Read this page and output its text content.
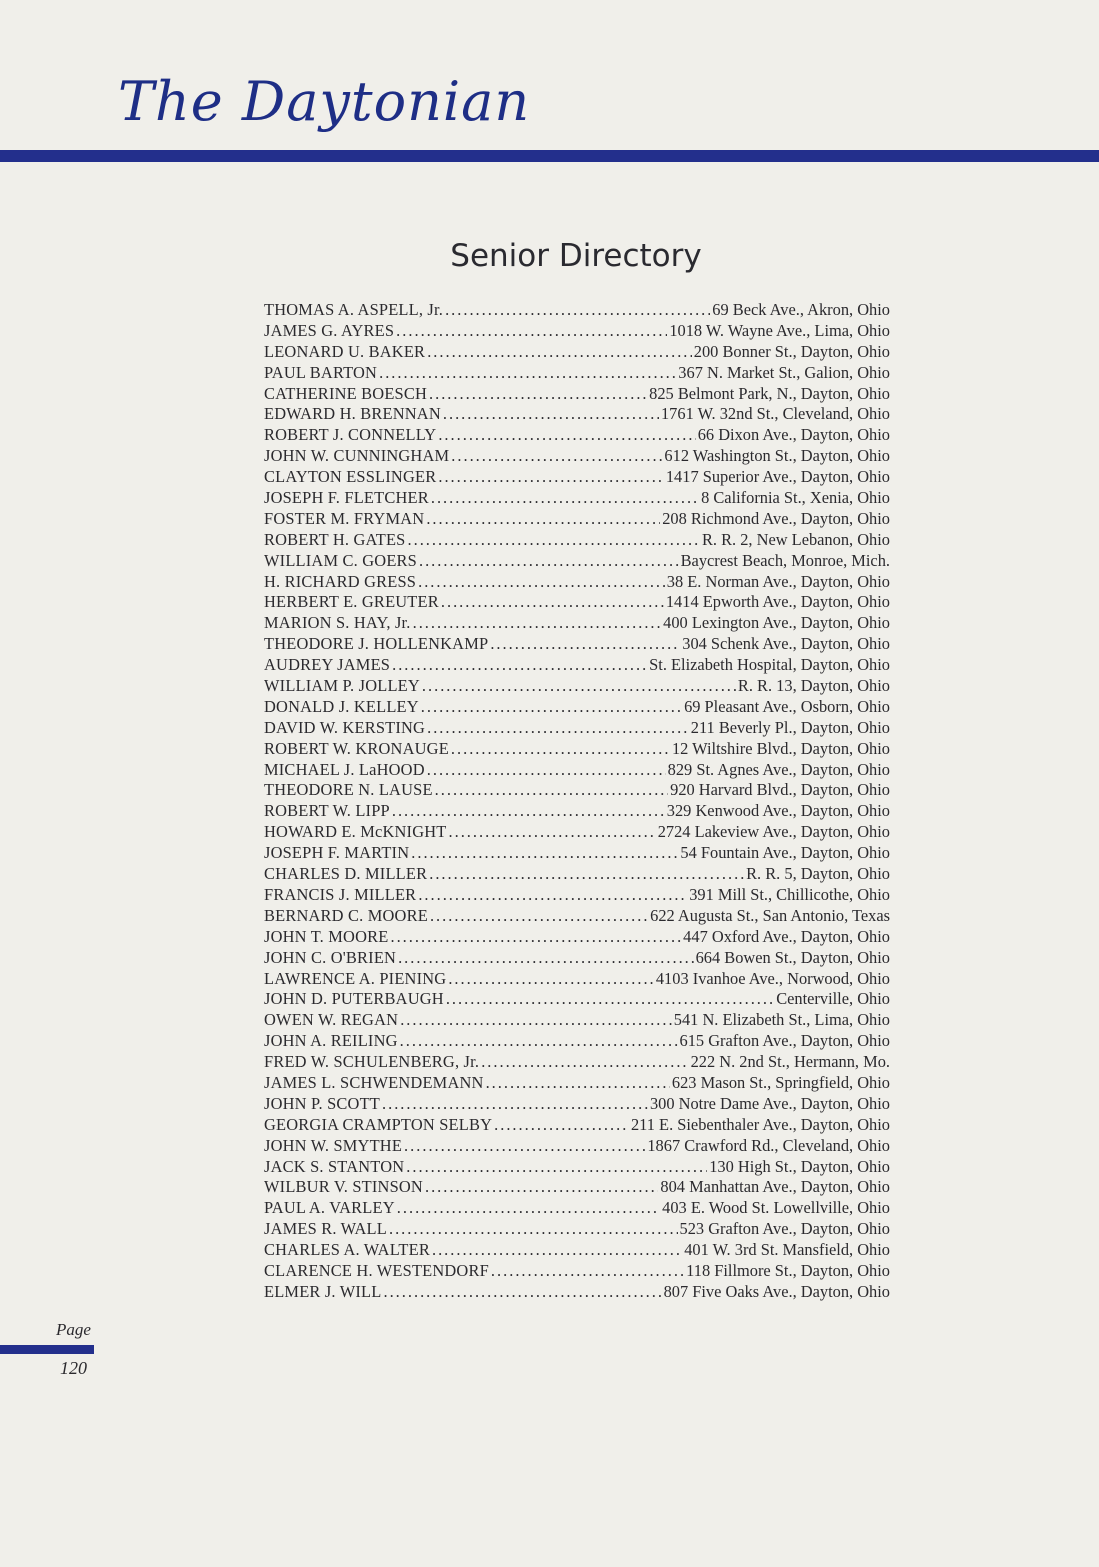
The Daytonian
Senior Directory
THOMAS A. ASPELL, Jr. .....	69 Beck Ave., Akron, Ohio
JAMES G. AYRES .....	1018 W. Wayne Ave., Lima, Ohio
LEONARD U. BAKER .....	200 Bonner St., Dayton, Ohio
PAUL BARTON .....	367 N. Market St., Galion, Ohio
CATHERINE BOESCH .....	825 Belmont Park, N., Dayton, Ohio
EDWARD H. BRENNAN .....	1761 W. 32nd St., Cleveland, Ohio
ROBERT J. CONNELLY .....	66 Dixon Ave., Dayton, Ohio
JOHN W. CUNNINGHAM .....	612 Washington St., Dayton, Ohio
CLAYTON ESSLINGER .....	1417 Superior Ave., Dayton, Ohio
JOSEPH F. FLETCHER .....	8 California St., Xenia, Ohio
FOSTER M. FRYMAN .....	208 Richmond Ave., Dayton, Ohio
ROBERT H. GATES .....	R. R. 2, New Lebanon, Ohio
WILLIAM C. GOERS .....	Baycrest Beach, Monroe, Mich.
H. RICHARD GRESS .....	38 E. Norman Ave., Dayton, Ohio
HERBERT E. GREUTER .....	1414 Epworth Ave., Dayton, Ohio
MARION S. HAY, Jr. .....	400 Lexington Ave., Dayton, Ohio
THEODORE J. HOLLENKAMP .....	304 Schenk Ave., Dayton, Ohio
AUDREY JAMES .....	St. Elizabeth Hospital, Dayton, Ohio
WILLIAM P. JOLLEY .....	R. R. 13, Dayton, Ohio
DONALD J. KELLEY .....	69 Pleasant Ave., Osborn, Ohio
DAVID W. KERSTING .....	211 Beverly Pl., Dayton, Ohio
ROBERT W. KRONAUGE .....	12 Wiltshire Blvd., Dayton, Ohio
MICHAEL J. LaHOOD .....	829 St. Agnes Ave., Dayton, Ohio
THEODORE N. LAUSE .....	920 Harvard Blvd., Dayton, Ohio
ROBERT W. LIPP .....	329 Kenwood Ave., Dayton, Ohio
HOWARD E. McKNIGHT .....	2724 Lakeview Ave., Dayton, Ohio
JOSEPH F. MARTIN .....	54 Fountain Ave., Dayton, Ohio
CHARLES D. MILLER .....	R. R. 5, Dayton, Ohio
FRANCIS J. MILLER .....	391 Mill St., Chillicothe, Ohio
BERNARD C. MOORE .....	622 Augusta St., San Antonio, Texas
JOHN T. MOORE .....	447 Oxford Ave., Dayton, Ohio
JOHN C. O'BRIEN .....	664 Bowen St., Dayton, Ohio
LAWRENCE A. PIENING .....	4103 Ivanhoe Ave., Norwood, Ohio
JOHN D. PUTERBAUGH .....	Centerville, Ohio
OWEN W. REGAN .....	541 N. Elizabeth St., Lima, Ohio
JOHN A. REILING .....	615 Grafton Ave., Dayton, Ohio
FRED W. SCHULENBERG, Jr. .....	222 N. 2nd St., Hermann, Mo.
JAMES L. SCHWENDEMANN .....	623 Mason St., Springfield, Ohio
JOHN P. SCOTT .....	300 Notre Dame Ave., Dayton, Ohio
GEORGIA CRAMPTON SELBY .....	211 E. Siebenthaler Ave., Dayton, Ohio
JOHN W. SMYTHE .....	1867 Crawford Rd., Cleveland, Ohio
JACK S. STANTON .....	130 High St., Dayton, Ohio
WILBUR V. STINSON .....	804 Manhattan Ave., Dayton, Ohio
PAUL A. VARLEY .....	403 E. Wood St. Lowellville, Ohio
JAMES R. WALL .....	523 Grafton Ave., Dayton, Ohio
CHARLES A. WALTER .....	401 W. 3rd St. Mansfield, Ohio
CLARENCE H. WESTENDORF .....	118 Fillmore St., Dayton, Ohio
ELMER J. WILL .....	807 Five Oaks Ave., Dayton, Ohio
Page
120
